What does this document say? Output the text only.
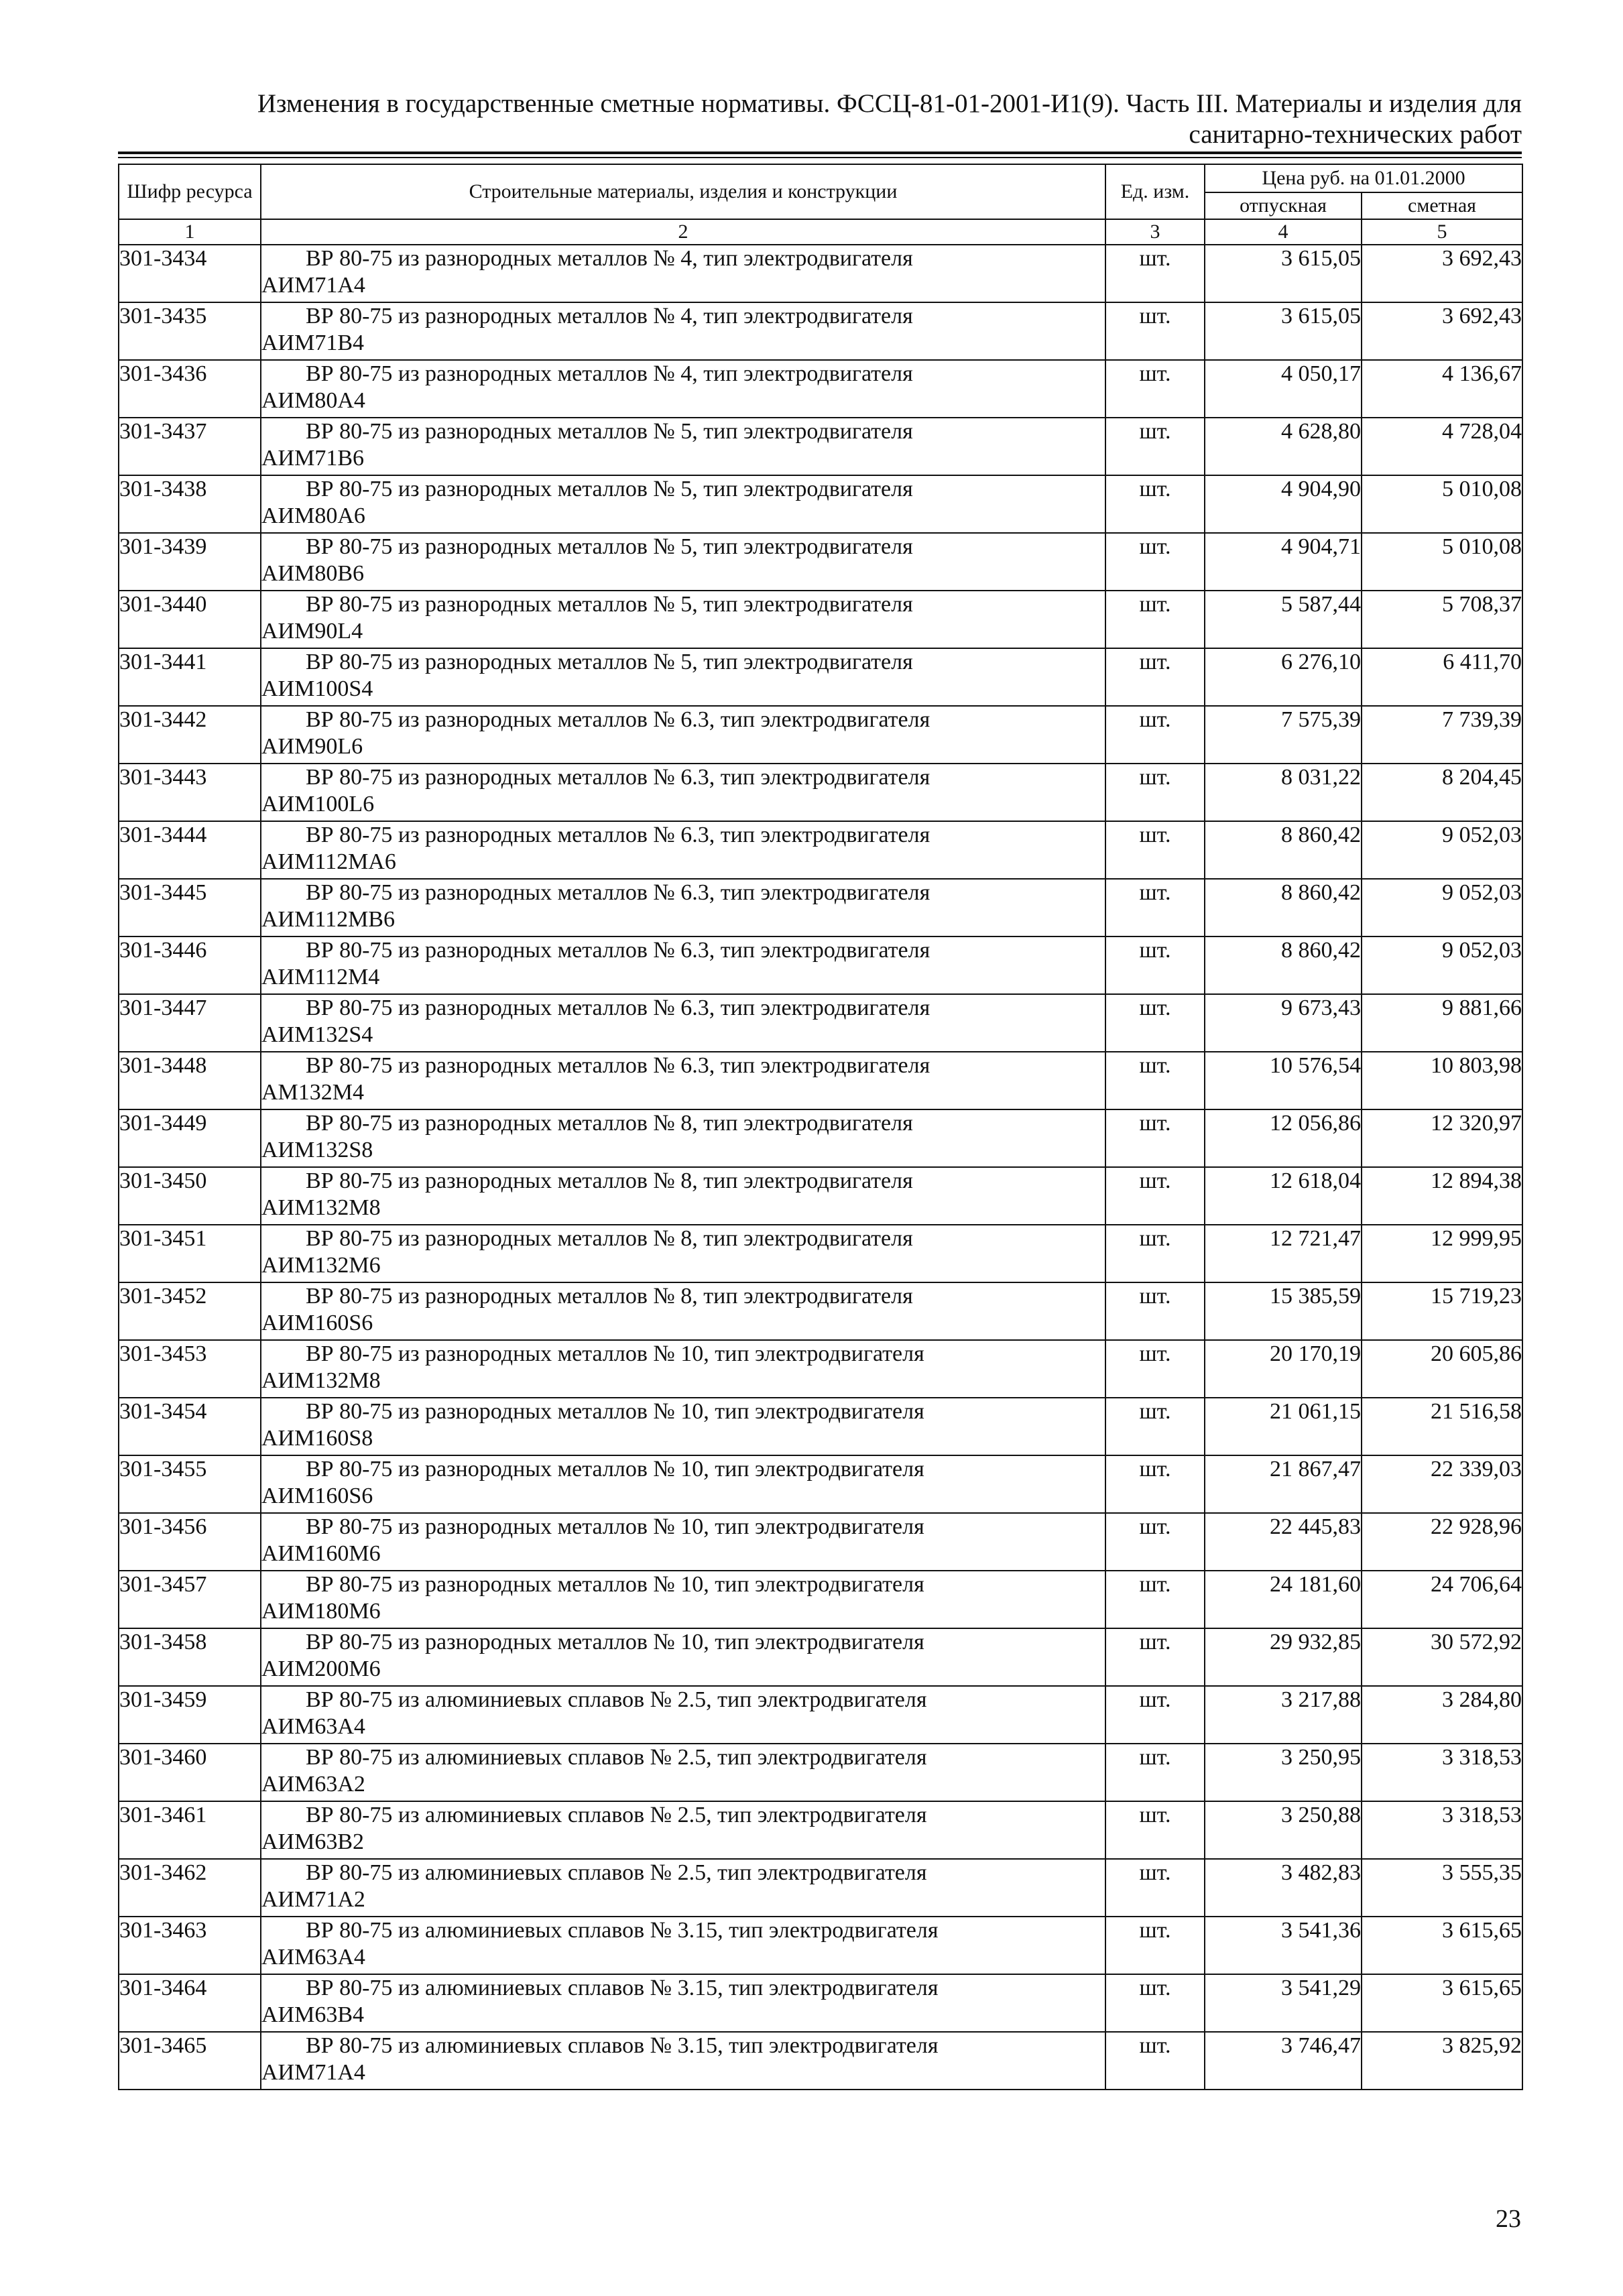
Изменения в государственные сметные нормативы. ФССЦ-81-01-2001-И1(9). Часть III. Материалы и изделия для
санитарно-технических работ
Шифр ресурса	Строительные материалы, изделия и конструкции	Ед. изм.	Цена руб. на 01.01.2000	
			отпускная	сметная
1	2	3	4	5
301-3434	ВР 80-75 из разнородных металлов № 4, тип электродвигателя
АИМ71А4	шт.	3 615,05	3 692,43
301-3435	ВР 80-75 из разнородных металлов № 4, тип электродвигателя
АИМ71В4	шт.	3 615,05	3 692,43
301-3436	ВР 80-75 из разнородных металлов № 4, тип электродвигателя
АИМ80А4	шт.	4 050,17	4 136,67
301-3437	ВР 80-75 из разнородных металлов № 5, тип электродвигателя
АИМ71В6	шт.	4 628,80	4 728,04
301-3438	ВР 80-75 из разнородных металлов № 5, тип электродвигателя
АИМ80А6	шт.	4 904,90	5 010,08
301-3439	ВР 80-75 из разнородных металлов № 5, тип электродвигателя
АИМ80В6	шт.	4 904,71	5 010,08
301-3440	ВР 80-75 из разнородных металлов № 5, тип электродвигателя
АИМ90L4	шт.	5 587,44	5 708,37
301-3441	ВР 80-75 из разнородных металлов № 5, тип электродвигателя
АИМ100S4	шт.	6 276,10	6 411,70
301-3442	ВР 80-75 из разнородных металлов № 6.3, тип электродвигателя
АИМ90L6	шт.	7 575,39	7 739,39
301-3443	ВР 80-75 из разнородных металлов № 6.3, тип электродвигателя
АИМ100L6	шт.	8 031,22	8 204,45
301-3444	ВР 80-75 из разнородных металлов № 6.3, тип электродвигателя
АИМ112МА6	шт.	8 860,42	9 052,03
301-3445	ВР 80-75 из разнородных металлов № 6.3, тип электродвигателя
АИМ112МВ6	шт.	8 860,42	9 052,03
301-3446	ВР 80-75 из разнородных металлов № 6.3, тип электродвигателя
АИМ112М4	шт.	8 860,42	9 052,03
301-3447	ВР 80-75 из разнородных металлов № 6.3, тип электродвигателя
АИМ132S4	шт.	9 673,43	9 881,66
301-3448	ВР 80-75 из разнородных металлов № 6.3, тип электродвигателя
АМ132М4	шт.	10 576,54	10 803,98
301-3449	ВР 80-75 из разнородных металлов № 8, тип электродвигателя
АИМ132S8	шт.	12 056,86	12 320,97
301-3450	ВР 80-75 из разнородных металлов № 8, тип электродвигателя
АИМ132М8	шт.	12 618,04	12 894,38
301-3451	ВР 80-75 из разнородных металлов № 8, тип электродвигателя
АИМ132М6	шт.	12 721,47	12 999,95
301-3452	ВР 80-75 из разнородных металлов № 8, тип электродвигателя
АИМ160S6	шт.	15 385,59	15 719,23
301-3453	ВР 80-75 из разнородных металлов № 10, тип электродвигателя
АИМ132М8	шт.	20 170,19	20 605,86
301-3454	ВР 80-75 из разнородных металлов № 10, тип электродвигателя
АИМ160S8	шт.	21 061,15	21 516,58
301-3455	ВР 80-75 из разнородных металлов № 10, тип электродвигателя
АИМ160S6	шт.	21 867,47	22 339,03
301-3456	ВР 80-75 из разнородных металлов № 10, тип электродвигателя
АИМ160М6	шт.	22 445,83	22 928,96
301-3457	ВР 80-75 из разнородных металлов № 10, тип электродвигателя
АИМ180М6	шт.	24 181,60	24 706,64
301-3458	ВР 80-75 из разнородных металлов № 10, тип электродвигателя
АИМ200М6	шт.	29 932,85	30 572,92
301-3459	ВР 80-75 из алюминиевых сплавов № 2.5, тип электродвигателя
АИМ63А4	шт.	3 217,88	3 284,80
301-3460	ВР 80-75 из алюминиевых сплавов № 2.5, тип электродвигателя
АИМ63А2	шт.	3 250,95	3 318,53
301-3461	ВР 80-75 из алюминиевых сплавов № 2.5, тип электродвигателя
АИМ63В2	шт.	3 250,88	3 318,53
301-3462	ВР 80-75 из алюминиевых сплавов № 2.5, тип электродвигателя
АИМ71А2	шт.	3 482,83	3 555,35
301-3463	ВР 80-75 из алюминиевых сплавов № 3.15, тип электродвигателя
АИМ63А4	шт.	3 541,36	3 615,65
301-3464	ВР 80-75 из алюминиевых сплавов № 3.15, тип электродвигателя
АИМ63В4	шт.	3 541,29	3 615,65
301-3465	ВР 80-75 из алюминиевых сплавов № 3.15, тип электродвигателя
АИМ71А4	шт.	3 746,47	3 825,92
23
